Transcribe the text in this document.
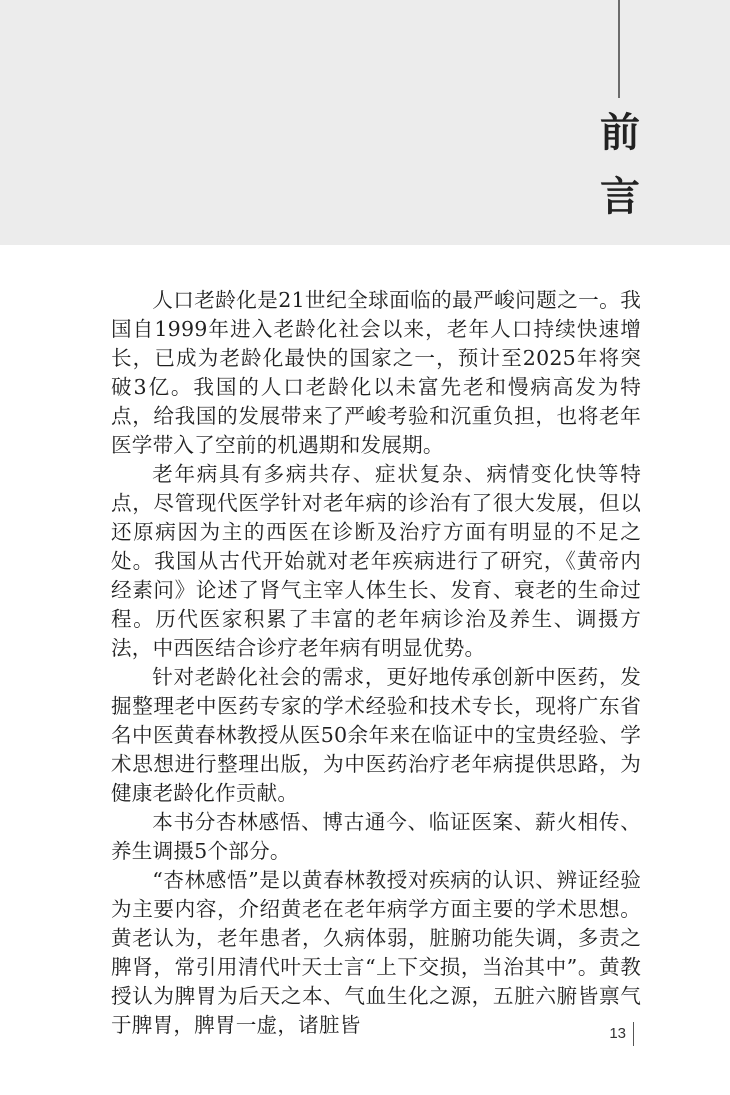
前
言

人口老龄化是21世纪全球面临的最严峻问题之一。我国自1999年进入老龄化社会以来，老年人口持续快速增长，已成为老龄化最快的国家之一，预计至2025年将突破3亿。我国的人口老龄化以未富先老和慢病高发为特点，给我国的发展带来了严峻考验和沉重负担，也将老年医学带入了空前的机遇期和发展期。

老年病具有多病共存、症状复杂、病情变化快等特点，尽管现代医学针对老年病的诊治有了很大发展，但以还原病因为主的西医在诊断及治疗方面有明显的不足之处。我国从古代开始就对老年疾病进行了研究，《黄帝内经素问》论述了肾气主宰人体生长、发育、衰老的生命过程。历代医家积累了丰富的老年病诊治及养生、调摄方法，中西医结合诊疗老年病有明显优势。

针对老龄化社会的需求，更好地传承创新中医药，发掘整理老中医药专家的学术经验和技术专长，现将广东省名中医黄春林教授从医50余年来在临证中的宝贵经验、学术思想进行整理出版，为中医药治疗老年病提供思路，为健康老龄化作贡献。

本书分杏林感悟、博古通今、临证医案、薪火相传、养生调摄5个部分。

“杏林感悟”是以黄春林教授对疾病的认识、辨证经验为主要内容，介绍黄老在老年病学方面主要的学术思想。黄老认为，老年患者，久病体弱，脏腑功能失调，多责之脾肾，常引用清代叶天士言“上下交损，当治其中”。黄教授认为脾胃为后天之本、气血生化之源，五脏六腑皆禀气于脾胃，脾胃一虚，诸脏皆	13
